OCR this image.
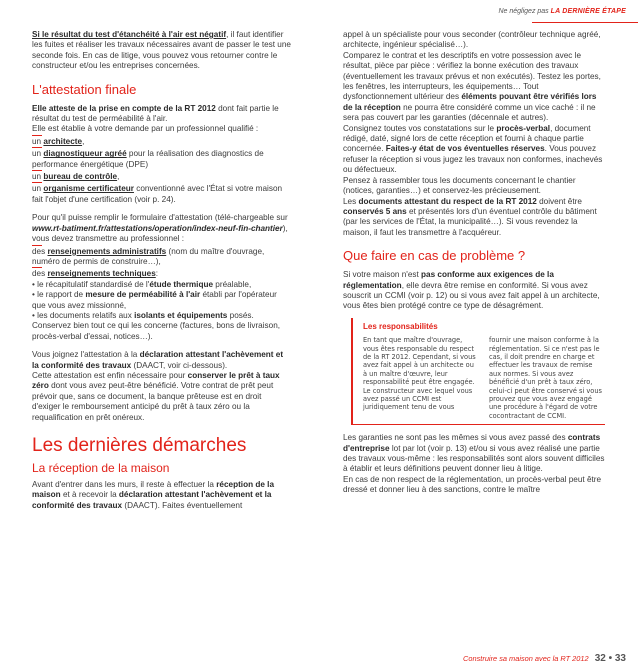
Ne négligez pas LA DERNIÈRE ÉTAPE

Si le résultat du test d'étanchéité à l'air est négatif, il faut identifier les fuites et réaliser les travaux nécessaires avant de passer le test une seconde fois. En cas de litige, vous pouvez vous retourner contre le constructeur et/ou les entreprises concernées.

L'attestation finale

Elle atteste de la prise en compte de la RT 2012 dont fait partie le résultat du test de perméabilité à l'air.

Elle est établie à votre demande par un professionnel qualifié :

un architecte,

un diagnostiqueur agréé pour la réalisation des diagnostics de performance énergétique (DPE)

un bureau de contrôle,

un organisme certificateur conventionné avec l'État si votre maison fait l'objet d'une certification (voir p. 24).

Pour qu'il puisse remplir le formulaire d'attestation (télé-chargeable sur www.rt-batiment.fr/attestations/operation/index-neuf-fin-chantier), vous devez transmettre au professionnel :

des renseignements administratifs (nom du maître d'ouvrage, numéro de permis de construire…),

des renseignements techniques:

• le récapitulatif standardisé de l'étude thermique préalable,

• le rapport de mesure de perméabilité à l'air établi par l'opérateur que vous avez missionné,

• les documents relatifs aux isolants et équipements posés. Conservez bien tout ce qui les concerne (factures, bons de livraison, procès-verbal d'essai, notices…).

Vous joignez l'attestation à la déclaration attestant l'achèvement et la conformité des travaux (DAACT, voir ci-dessous).

Cette attestation est enfin nécessaire pour conserver le prêt à taux zéro dont vous avez peut-être bénéficié. Votre contrat de prêt peut prévoir que, sans ce document, la banque prêteuse est en droit d'exiger le remboursement anticipé du prêt à taux zéro ou la requalification en prêt onéreux.

Les dernières démarches
La réception de la maison

Avant d'entrer dans les murs, il reste à effectuer la réception de la maison et à recevoir la déclaration attestant l'achèvement et la conformité des travaux (DAACT). Faites éventuellement

appel à un spécialiste pour vous seconder (contrôleur technique agréé, architecte, ingénieur spécialisé…).

Comparez le contrat et les descriptifs en votre possession avec le résultat, pièce par pièce : vérifiez la bonne exécution des travaux (éventuellement les travaux prévus et non exécutés). Testez les portes, les fenêtres, les interrupteurs, les équipements… Tout dysfonctionnement ultérieur des éléments pouvant être vérifiés lors de la réception ne pourra être considéré comme un vice caché : il ne sera pas couvert par les garanties (décennale et autres).

Consignez toutes vos constatations sur le procès-verbal, document rédigé, daté, signé lors de cette réception et fourni à chaque partie concernée. Faites-y état de vos éventuelles réserves. Vous pouvez refuser la réception si vous jugez les travaux non conformes, inachevés ou défectueux.

Pensez à rassembler tous les documents concernant le chantier (notices, garanties…) et conservez-les précieusement.

Les documents attestant du respect de la RT 2012 doivent être conservés 5 ans et présentés lors d'un éventuel contrôle du bâtiment (par les services de l'État, la municipalité…). Si vous revendez la maison, il faut les transmettre à l'acquéreur.

Que faire en cas de problème ?

Si votre maison n'est pas conforme aux exigences de la réglementation, elle devra être remise en conformité. Si vous avez souscrit un CCMI (voir p. 12) ou si vous avez fait appel à un architecte, vous êtes bien protégé contre ce type de désagrément.

Les responsabilités
En tant que maître d'ouvrage, vous êtes responsable du respect de la RT 2012. Cependant, si vous avez fait appel à un architecte ou à un maître d'œuvre, leur responsabilité peut être engagée. Le constructeur avec lequel vous avez passé un CCMI est juridiquement tenu de vous
fournir une maison conforme à la réglementation. Si ce n'est pas le cas, il doit prendre en charge et effectuer les travaux de remise aux normes. Si vous avez bénéficié d'un prêt à taux zéro, celui-ci peut être conservé si vous prouvez que vous avez engagé une procédure à l'égard de votre cocontractant de CCMI.

Les garanties ne sont pas les mêmes si vous avez passé des contrats d'entreprise lot par lot (voir p. 13) et/ou si vous avez réalisé une partie des travaux vous-même : les responsabilités sont alors souvent difficiles à établir et leurs définitions peuvent donner lieu à litige.

En cas de non respect de la réglementation, un procès-verbal peut être dressé et donner lieu à des sanctions, contre le maître

Construire sa maison avec la RT 2012 32 • 33
